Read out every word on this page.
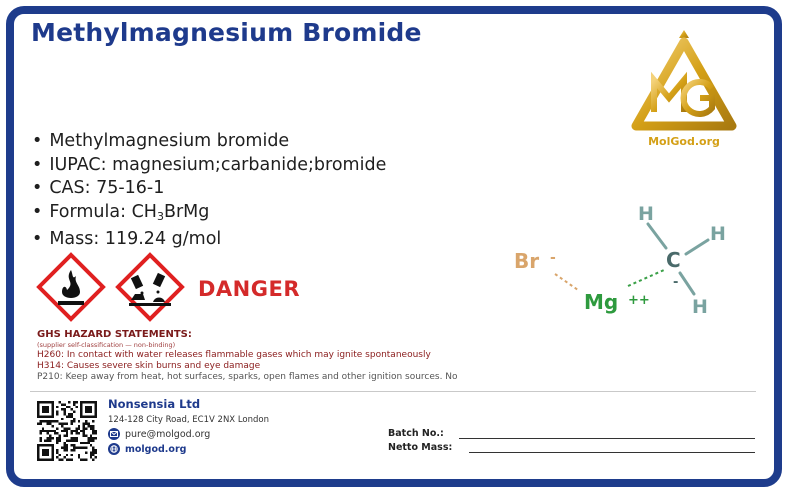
Methylmagnesium Bromide
MolGod.org
• Methylmagnesium bromide
• IUPAC: magnesium;carbanide;bromide
• CAS: 75-16-1
• Formula: $CH_3BrMg$
• Mass: 119.24 g/mol
Br -
Mg ++
C
-
H
H
H
DANGER
GHS HAZARD STATEMENTS:
(supplier self-classification — non-binding)
H260: In contact with water releases flammable gases which may ignite spontaneously
H314: Causes severe skin burns and eye damage
P210: Keep away from heat, hot surfaces, sparks, open flames and other ignition sources. No
Nonsensia Ltd
124-128 City Road, EC1V 2NX London
pure@molgod.org
molgod.org
Batch No.:
Netto Mass:
